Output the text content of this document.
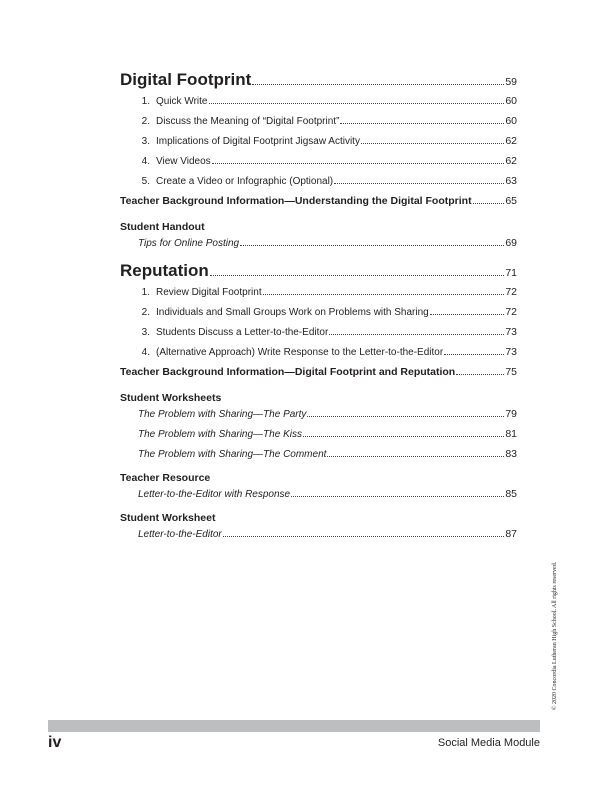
Digital Footprint	59
1. Quick Write	60
2. Discuss the Meaning of “Digital Footprint”	60
3. Implications of Digital Footprint Jigsaw Activity	62
4. View Videos	62
5. Create a Video or Infographic (Optional)	63
Teacher Background Information—Understanding the Digital Footprint	65
Student Handout
Tips for Online Posting	69
Reputation	71
1. Review Digital Footprint	72
2. Individuals and Small Groups Work on Problems with Sharing	72
3. Students Discuss a Letter-to-the-Editor	73
4. (Alternative Approach) Write Response to the Letter-to-the-Editor	73
Teacher Background Information—Digital Footprint and Reputation	75
Student Worksheets
The Problem with Sharing—The Party	79
The Problem with Sharing—The Kiss	81
The Problem with Sharing—The Comment	83
Teacher Resource
Letter-to-the-Editor with Response	85
Student Worksheet
Letter-to-the-Editor	87
© 2020 Concordia Lutheran High School. All rights reserved.
iv	Social Media Module
